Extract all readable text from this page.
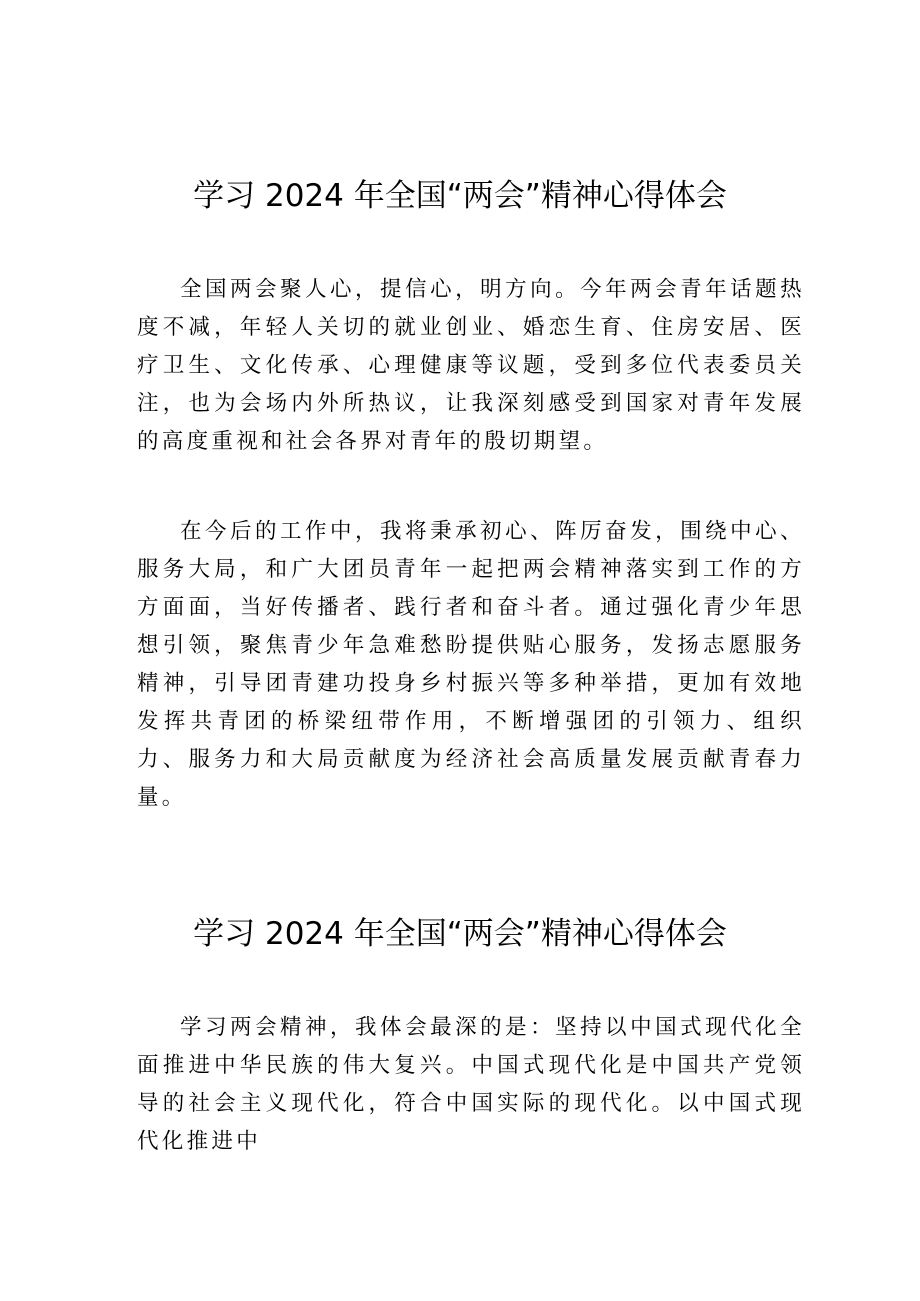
学习 2024 年全国“两会”精神心得体会

全国两会聚人心，提信心，明方向。今年两会青年话题热度不减，年轻人关切的就业创业、婚恋生育、住房安居、医疗卫生、文化传承、心理健康等议题，受到多位代表委员关注，也为会场内外所热议，让我深刻感受到国家对青年发展的高度重视和社会各界对青年的殷切期望。

在今后的工作中，我将秉承初心、阵厉奋发，围绕中心、服务大局，和广大团员青年一起把两会精神落实到工作的方方面面，当好传播者、践行者和奋斗者。通过强化青少年思想引领，聚焦青少年急难愁盼提供贴心服务，发扬志愿服务精神，引导团青建功投身乡村振兴等多种举措，更加有效地发挥共青团的桥梁纽带作用，不断增强团的引领力、组织力、服务力和大局贡献度为经济社会高质量发展贡献青春力量。

学习 2024 年全国“两会”精神心得体会

学习两会精神，我体会最深的是：坚持以中国式现代化全面推进中华民族的伟大复兴。中国式现代化是中国共产党领导的社会主义现代化，符合中国实际的现代化。以中国式现代化推进中
